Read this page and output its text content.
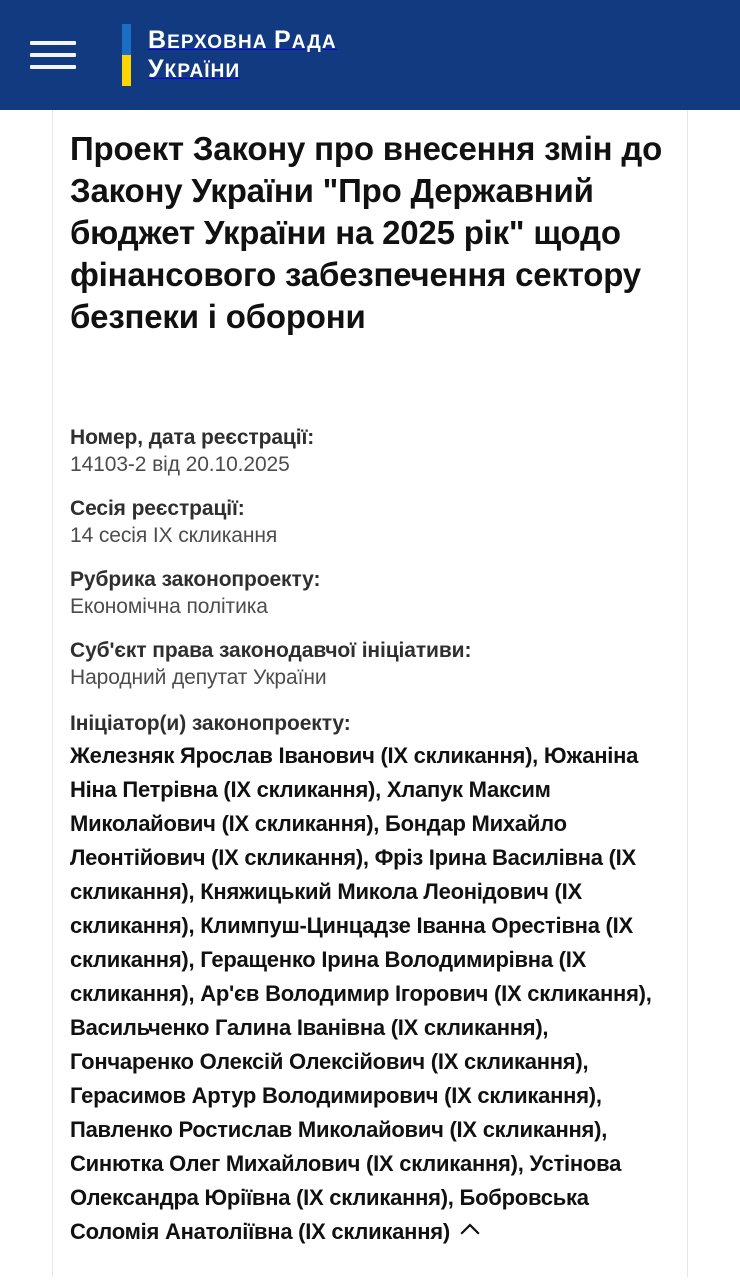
ВЕРХОВНА РАДА
УКРАЇНИ
Проект Закону про внесення змін до Закону України "Про Державний бюджет України на 2025 рік" щодо фінансового забезпечення сектору безпеки і оборони
Номер, дата реєстрації:
14103-2 від 20.10.2025
Сесія реєстрації:
14 сесія IX скликання
Рубрика законопроекту:
Економічна політика
Суб'єкт права законодавчої ініціативи:
Народний депутат України
Ініціатор(и) законопроекту:
Железняк Ярослав Іванович (IX скликання), Южаніна Ніна Петрівна (IX скликання), Хлапук Максим Миколайович (IX скликання), Бондар Михайло Леонтійович (IX скликання), Фріз Ірина Василівна (IX скликання), Княжицький Микола Леонідович (IX скликання), Климпуш-Цинцадзе Іванна Орестівна (IX скликання), Геращенко Ірина Володимирівна (IX скликання), Ар'єв Володимир Ігорович (IX скликання), Васильченко Галина Іванівна (IX скликання), Гончаренко Олексій Олексійович (IX скликання), Герасимов Артур Володимирович (IX скликання), Павленко Ростислав Миколайович (IX скликання), Синютка Олег Михайлович (IX скликання), Устінова Олександра Юріївна (IX скликання), Бобровська Соломія Анатоліївна (IX скликання)
